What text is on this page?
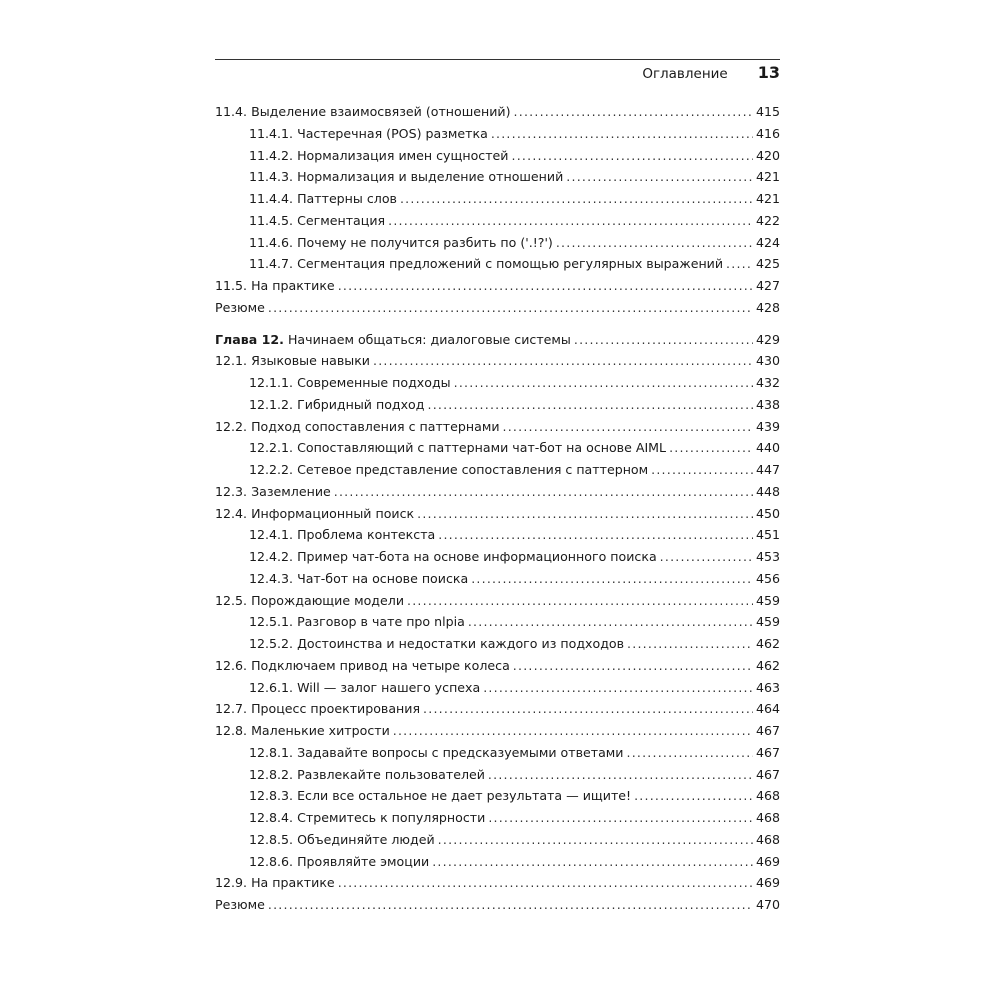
Оглавление 13
11.4. Выделение взаимосвязей (отношений) . . .	415
11.4.1. Частеречная (POS) разметка . . .	416
11.4.2. Нормализация имен сущностей . . .	420
11.4.3. Нормализация и выделение отношений . . .	421
11.4.4. Паттерны слов . . .	421
11.4.5. Сегментация . . .	422
11.4.6. Почему не получится разбить по ('.!?') . . .	424
11.4.7. Сегментация предложений с помощью регулярных выражений . . .	425
11.5. На практике . . .	427
Резюме . . .	428
Глава 12. Начинаем общаться: диалоговые системы . . .	429
12.1. Языковые навыки . . .	430
12.1.1. Современные подходы . . .	432
12.1.2. Гибридный подход . . .	438
12.2. Подход сопоставления с паттернами . . .	439
12.2.1. Сопоставляющий с паттернами чат-бот на основе AIML . . .	440
12.2.2. Сетевое представление сопоставления с паттерном . . .	447
12.3. Заземление . . .	448
12.4. Информационный поиск . . .	450
12.4.1. Проблема контекста . . .	451
12.4.2. Пример чат-бота на основе информационного поиска . . .	453
12.4.3. Чат-бот на основе поиска . . .	456
12.5. Порождающие модели . . .	459
12.5.1. Разговор в чате про nlpia . . .	459
12.5.2. Достоинства и недостатки каждого из подходов . . .	462
12.6. Подключаем привод на четыре колеса . . .	462
12.6.1. Will — залог нашего успеха . . .	463
12.7. Процесс проектирования . . .	464
12.8. Маленькие хитрости . . .	467
12.8.1. Задавайте вопросы с предсказуемыми ответами . . .	467
12.8.2. Развлекайте пользователей . . .	467
12.8.3. Если все остальное не дает результата — ищите! . . .	468
12.8.4. Стремитесь к популярности . . .	468
12.8.5. Объединяйте людей . . .	468
12.8.6. Проявляйте эмоции . . .	469
12.9. На практике . . .	469
Резюме . . .	470
